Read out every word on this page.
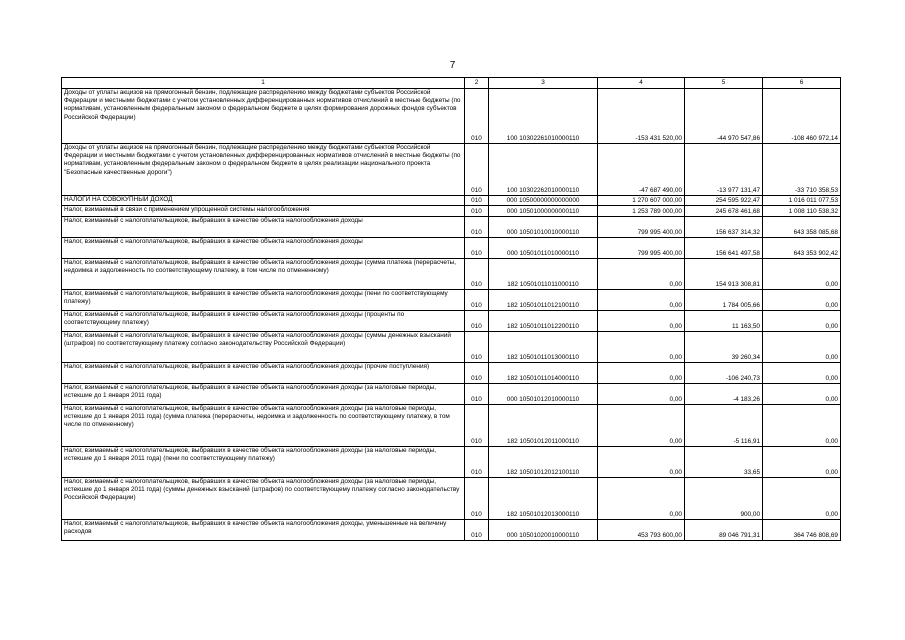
7
1	2	3	4	5	6
Доходы от уплаты акцизов на прямогонный бензин, подлежащие распределению между бюджетами субъектов Российской Федерации и местными бюджетами с учетом установленных дифференцированных нормативов отчислений в местные бюджеты (по нормативам, установленным федеральным законом о федеральном бюджете в целях формирования дорожных фондов субъектов Российской Федерации)	010	100 10302261010000110	-153 431 520,00	-44 970 547,86	-108 460 972,14
Доходы от уплаты акцизов на прямогонный бензин, подлежащие распределению между бюджетами субъектов Российской Федерации и местными бюджетами с учетом установленных дифференцированных нормативов отчислений в местные бюджеты (по нормативам, установленным федеральным законом о федеральном бюджете в целях реализации национального проекта "Безопасные качественные дороги")	010	100 10302262010000110	-47 687 490,00	-13 977 131,47	-33 710 358,53
НАЛОГИ НА СОВОКУПНЫЙ ДОХОД	010	000 10500000000000000	1 270 607 000,00	254 595 922,47	1 016 011 077,53
Налог, взимаемый в связи с применением упрощенной системы налогообложения	010	000 10501000000000110	1 253 789 000,00	245 678 461,68	1 008 110 538,32
Налог, взимаемый с налогоплательщиков, выбравших в качестве объекта налогообложения доходы	010	000 10501010010000110	799 995 400,00	156 637 314,32	643 358 085,68
Налог, взимаемый с налогоплательщиков, выбравших в качестве объекта налогообложения доходы	010	000 10501011010000110	799 995 400,00	156 641 497,58	643 353 902,42
Налог, взимаемый с налогоплательщиков, выбравших в качестве объекта налогообложения доходы (сумма платежа (перерасчеты, недоимка и задолженность по соответствующему платежу, в том числе по отмененному)	010	182 10501011011000110	0,00	154 913 308,81	0,00
Налог, взимаемый с налогоплательщиков, выбравших в качестве объекта налогообложения доходы (пени по соответствующему платежу)	010	182 10501011012100110	0,00	1 784 005,66	0,00
Налог, взимаемый с налогоплательщиков, выбравших в качестве объекта налогообложения доходы (проценты по соответствующему платежу)	010	182 10501011012200110	0,00	11 163,50	0,00
Налог, взимаемый с налогоплательщиков, выбравших в качестве объекта налогообложения доходы (суммы денежных взысканий (штрафов) по соответствующему платежу согласно законодательству Российской Федерации)	010	182 10501011013000110	0,00	39 260,34	0,00
Налог, взимаемый с налогоплательщиков, выбравших в качестве объекта налогообложения доходы (прочие поступления)	010	182 10501011014000110	0,00	-106 240,73	0,00
Налог, взимаемый с налогоплательщиков, выбравших в качестве объекта налогообложения доходы (за налоговые периоды, истекшие до 1 января 2011 года)	010	000 10501012010000110	0,00	-4 183,26	0,00
Налог, взимаемый с налогоплательщиков, выбравших в качестве объекта налогообложения доходы (за налоговые периоды, истекшие до 1 января 2011 года) (сумма платежа (перерасчеты, недоимка и задолженность по соответствующему платежу, в том числе по отмененному)	010	182 10501012011000110	0,00	-5 116,91	0,00
Налог, взимаемый с налогоплательщиков, выбравших в качестве объекта налогообложения доходы (за налоговые периоды, истекшие до 1 января 2011 года) (пени по соответствующему платежу)	010	182 10501012012100110	0,00	33,65	0,00
Налог, взимаемый с налогоплательщиков, выбравших в качестве объекта налогообложения доходы (за налоговые периоды, истекшие до 1 января 2011 года) (суммы денежных взысканий (штрафов) по соответствующему платежу согласно законодательству Российской Федерации)	010	182 10501012013000110	0,00	900,00	0,00
Налог, взимаемый с налогоплательщиков, выбравших в качестве объекта налогообложения доходы, уменьшенные на величину расходов	010	000 10501020010000110	453 793 600,00	89 046 791,31	364 746 808,69
